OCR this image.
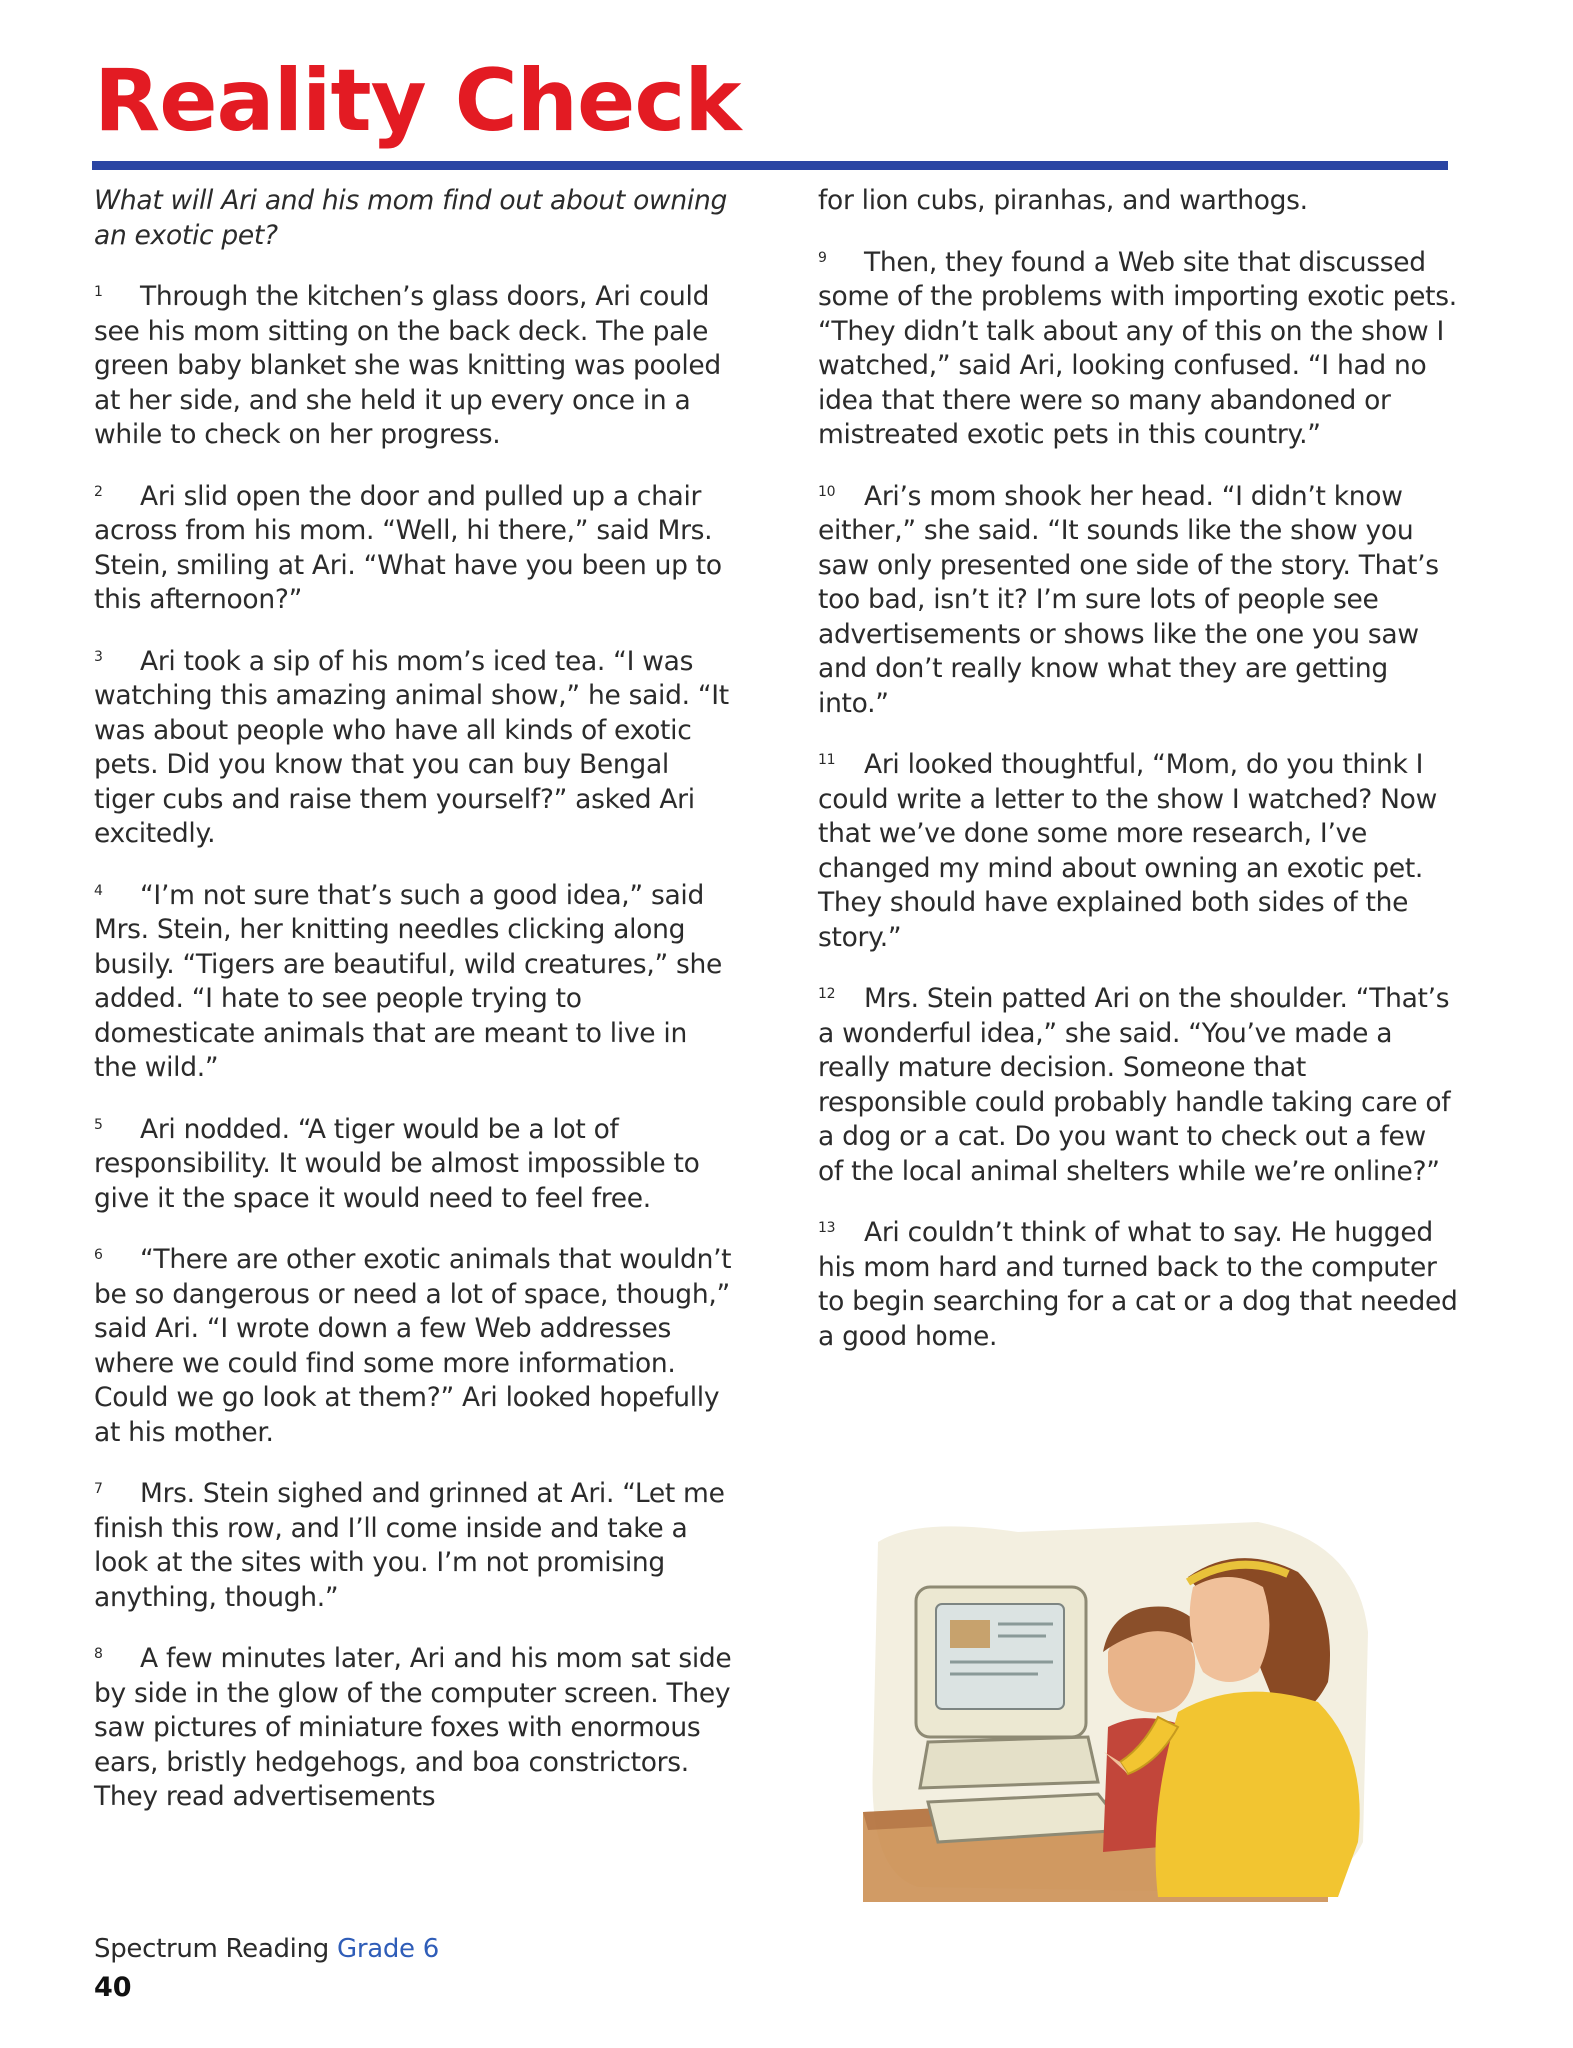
Reality Check

What will Ari and his mom find out about owning an exotic pet?

1 Through the kitchen’s glass doors, Ari could see his mom sitting on the back deck. The pale green baby blanket she was knitting was pooled at her side, and she held it up every once in a while to check on her progress.

2 Ari slid open the door and pulled up a chair across from his mom. “Well, hi there,” said Mrs. Stein, smiling at Ari. “What have you been up to this afternoon?”

3 Ari took a sip of his mom’s iced tea. “I was watching this amazing animal show,” he said. “It was about people who have all kinds of exotic pets. Did you know that you can buy Bengal tiger cubs and raise them yourself?” asked Ari excitedly.

4 “I’m not sure that’s such a good idea,” said Mrs. Stein, her knitting needles clicking along busily. “Tigers are beautiful, wild creatures,” she added. “I hate to see people trying to domesticate animals that are meant to live in the wild.”

5 Ari nodded. “A tiger would be a lot of responsibility. It would be almost impossible to give it the space it would need to feel free.

6 “There are other exotic animals that wouldn’t be so dangerous or need a lot of space, though,” said Ari. “I wrote down a few Web addresses where we could find some more information. Could we go look at them?” Ari looked hopefully at his mother.

7 Mrs. Stein sighed and grinned at Ari. “Let me finish this row, and I’ll come inside and take a look at the sites with you. I’m not promising anything, though.”

8 A few minutes later, Ari and his mom sat side by side in the glow of the computer screen. They saw pictures of miniature foxes with enormous ears, bristly hedgehogs, and boa constrictors. They read advertisements

for lion cubs, piranhas, and warthogs.

9 Then, they found a Web site that discussed some of the problems with importing exotic pets. “They didn’t talk about any of this on the show I watched,” said Ari, looking confused. “I had no idea that there were so many abandoned or mistreated exotic pets in this country.”

10 Ari’s mom shook her head. “I didn’t know either,” she said. “It sounds like the show you saw only presented one side of the story. That’s too bad, isn’t it? I’m sure lots of people see advertisements or shows like the one you saw and don’t really know what they are getting into.”

11 Ari looked thoughtful, “Mom, do you think I could write a letter to the show I watched? Now that we’ve done some more research, I’ve changed my mind about owning an exotic pet. They should have explained both sides of the story.”

12 Mrs. Stein patted Ari on the shoulder. “That’s a wonderful idea,” she said. “You’ve made a really mature decision. Someone that responsible could probably handle taking care of a dog or a cat. Do you want to check out a few of the local animal shelters while we’re online?”

13 Ari couldn’t think of what to say. He hugged his mom hard and turned back to the computer to begin searching for a cat or a dog that needed a good home.

Spectrum Reading Grade 6
40
